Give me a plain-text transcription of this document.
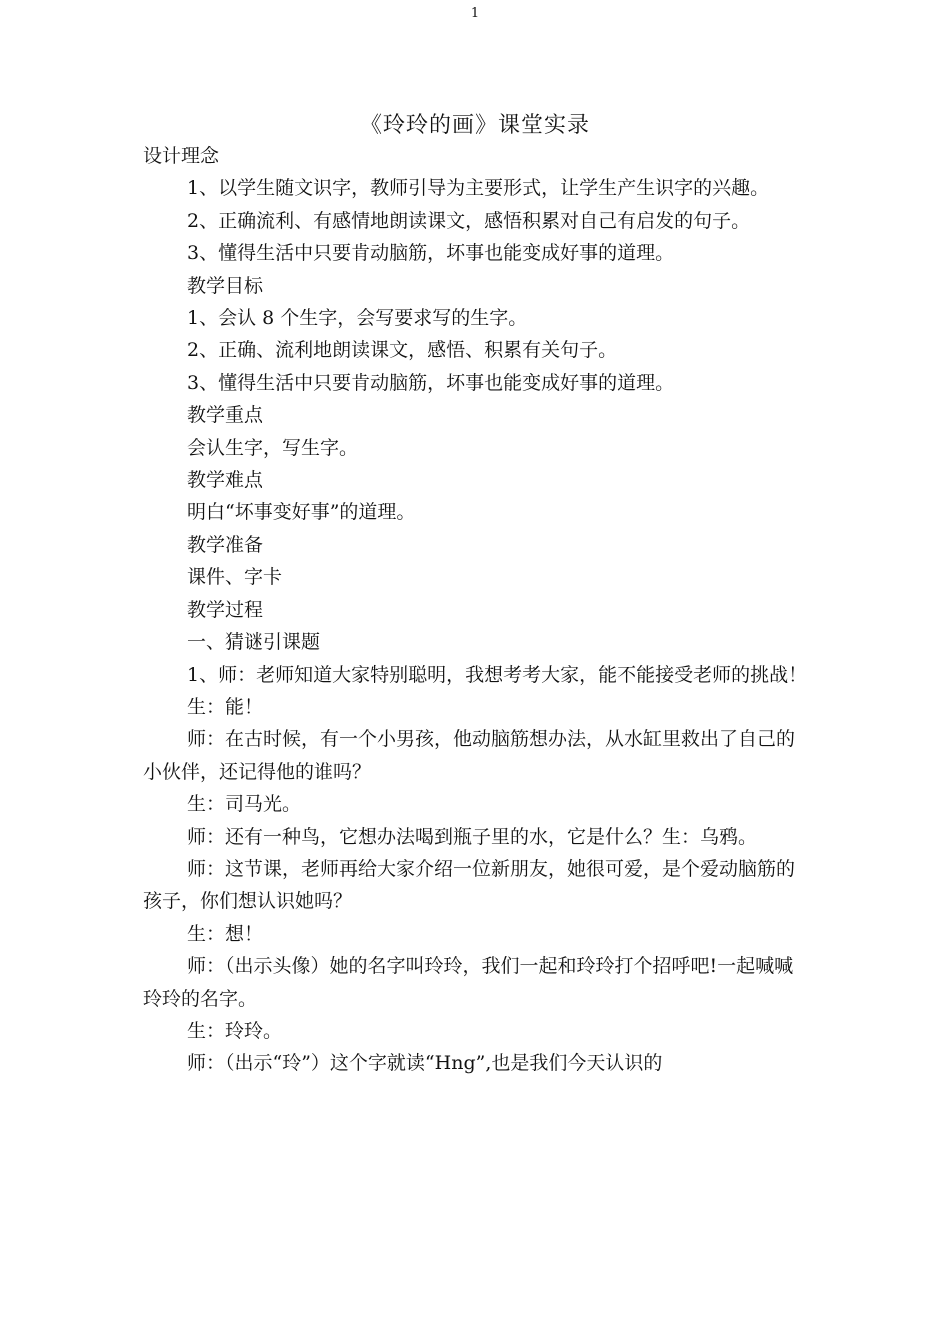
1
《玲玲的画》课堂实录

设计理念

1、以学生随文识字，教师引导为主要形式，让学生产生识字的兴趣。

2、正确流利、有感情地朗读课文，感悟积累对自己有启发的句子。

3、懂得生活中只要肯动脑筋，坏事也能变成好事的道理。

教学目标

1、会认 8 个生字，会写要求写的生字。

2、正确、流利地朗读课文，感悟、积累有关句子。

3、懂得生活中只要肯动脑筋，坏事也能变成好事的道理。

教学重点

会认生字，写生字。

教学难点

明白“坏事变好事”的道理。

教学准备

课件、字卡

教学过程

一、猜谜引课题

1、师：老师知道大家特别聪明，我想考考大家，能不能接受老师的挑战！

生：能！

师：在古时候，有一个小男孩，他动脑筋想办法，从水缸里救出了自己的小伙伴，还记得他的谁吗？

生：司马光。

师：还有一种鸟，它想办法喝到瓶子里的水，它是什么？生：乌鸦。

师：这节课，老师再给大家介绍一位新朋友，她很可爱，是个爱动脑筋的孩子，你们想认识她吗？

生：想！

师：（出示头像）她的名字叫玲玲，我们一起和玲玲打个招呼吧!一起喊喊玲玲的名字。

生：玲玲。

师：（出示“玲”）这个字就读“Hng”,也是我们今天认识的
